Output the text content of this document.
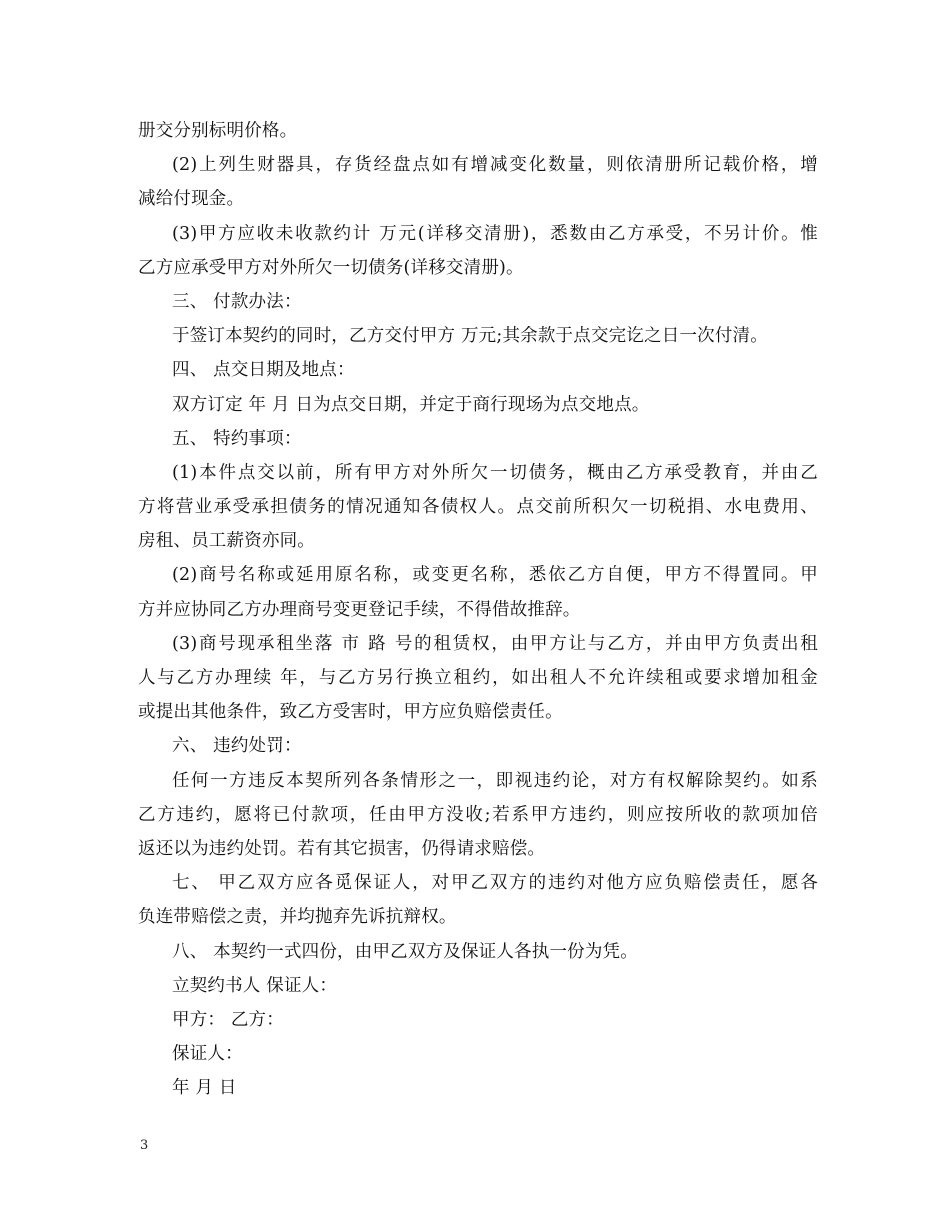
册交分别标明价格。
(2)上列生财器具，存货经盘点如有增减变化数量，则依清册所记载价格，增
减给付现金。
(3)甲方应收未收款约计 万元(详移交清册)，悉数由乙方承受，不另计价。惟
乙方应承受甲方对外所欠一切债务(详移交清册)。
三、 付款办法：
于签订本契约的同时，乙方交付甲方 万元;其余款于点交完讫之日一次付清。
四、 点交日期及地点：
双方订定 年 月 日为点交日期，并定于商行现场为点交地点。
五、 特约事项：
(1)本件点交以前，所有甲方对外所欠一切债务，概由乙方承受教育，并由乙
方将营业承受承担债务的情况通知各债权人。点交前所积欠一切税捐、水电费用、
房租、员工薪资亦同。
(2)商号名称或延用原名称，或变更名称，悉依乙方自便，甲方不得置同。甲
方并应协同乙方办理商号变更登记手续，不得借故推辞。
(3)商号现承租坐落 市 路 号的租赁权，由甲方让与乙方，并由甲方负责出租
人与乙方办理续 年，与乙方另行换立租约，如出租人不允许续租或要求增加租金
或提出其他条件，致乙方受害时，甲方应负赔偿责任。
六、 违约处罚：
任何一方违反本契所列各条情形之一，即视违约论，对方有权解除契约。如系
乙方违约，愿将已付款项，任由甲方没收;若系甲方违约，则应按所收的款项加倍
返还以为违约处罚。若有其它损害，仍得请求赔偿。
七、 甲乙双方应各觅保证人，对甲乙双方的违约对他方应负赔偿责任，愿各
负连带赔偿之责，并均抛弃先诉抗辩权。
八、 本契约一式四份，由甲乙双方及保证人各执一份为凭。
立契约书人 保证人：
甲方： 乙方：
保证人：
年 月 日
3
